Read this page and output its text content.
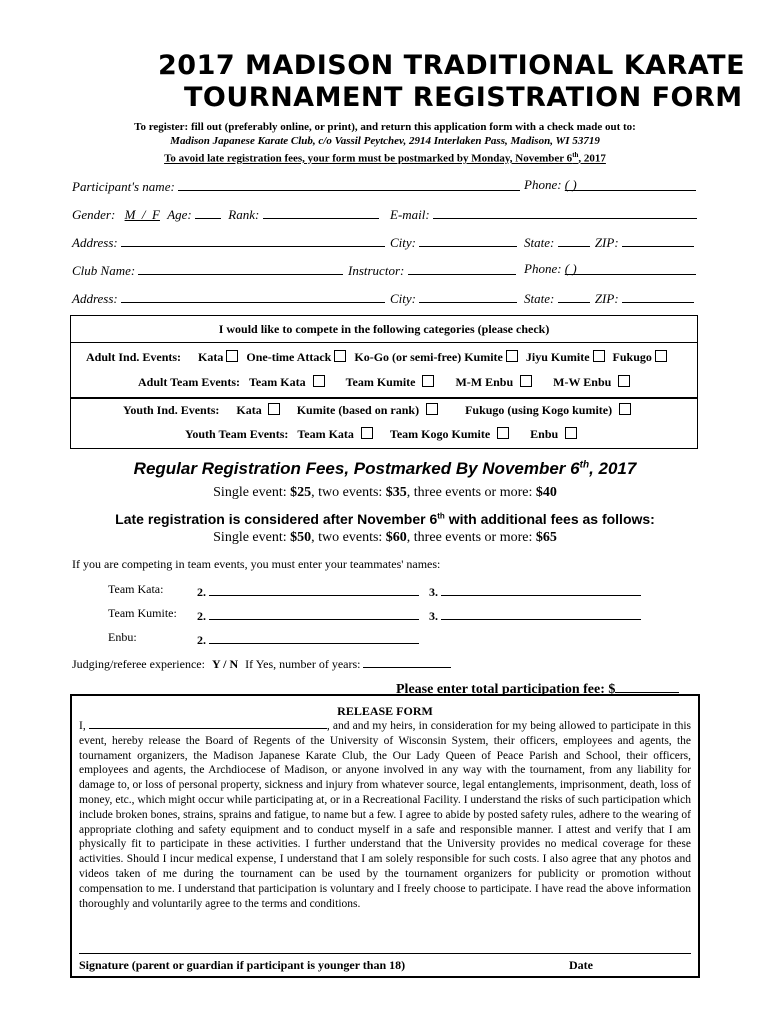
2017 MADISON TRADITIONAL KARATE
TOURNAMENT REGISTRATION FORM
To register: fill out (preferably online, or print), and return this application form with a check made out to:
Madison Japanese Karate Club, c/o Vassil Peytchev, 2914 Interlaken Pass, Madison, WI 53719
To avoid late registration fees, your form must be postmarked by Monday, November 6th, 2017
Participant's name:	Phone: ( )
Gender: M  /  F Age:	Rank:	E-mail:
Address:	City:	State:	ZIP:
Club Name:	Instructor:	Phone: ( )
Address:	City:	State:	ZIP:
I would like to compete in the following categories (please check)
Adult Ind. Events: Kata One-time Attack Ko-Go (or semi-free) Kumite Jiyu Kumite Fukugo
Adult Team Events: Team Kata	Team Kumite	M-M Enbu	M-W Enbu
Youth Ind. Events: Kata	Kumite (based on rank)	Fukugo (using Kogo kumite)
Youth Team Events: Team Kata	Team Kogo Kumite	Enbu
Regular Registration Fees, Postmarked By November 6th, 2017
Single event: $25, two events: $35, three events or more: $40
Late registration is considered after November 6th with additional fees as follows:
Single event: $50, two events: $60, three events or more: $65
If you are competing in team events, you must enter your teammates' names:
Team Kata:	2.	3.
Team Kumite: 2.	3.
Enbu:	2.
Judging/referee experience: Y / N If Yes, number of years:
Please enter total participation fee: $
RELEASE FORM

I,	, and and my heirs, in consideration for my being allowed to participate in this event, hereby release the Board of Regents of the University of Wisconsin System, their officers, employees and agents, the tournament organizers, the Madison Japanese Karate Club, the Our Lady Queen of Peace Parish and School, their officers, employees and agents, the Archdiocese of Madison, or anyone involved in any way with the tournament, from any liability for damage to, or loss of personal property, sickness and injury from whatever source, legal entanglements, imprisonment, death, loss of money, etc., which might occur while participating at, or in a Recreational Facility. I understand the risks of such participation which include broken bones, strains, sprains and fatigue, to name but a few. I agree to abide by posted safety rules, adhere to the wearing of appropriate clothing and safety equipment and to conduct myself in a safe and responsible manner. I attest and verify that I am physically fit to participate in these activities. I further understand that the University provides no medical coverage for these activities. Should I incur medical expense, I understand that I am solely responsible for such costs. I also agree that any photos and videos taken of me during the tournament can be used by the tournament organizers for publicity or promotion without compensation to me. I understand that participation is voluntary and I freely choose to participate. I have read the above information thoroughly and voluntarily agree to the terms and conditions.

Signature (parent or guardian if participant is younger than 18)	Date
